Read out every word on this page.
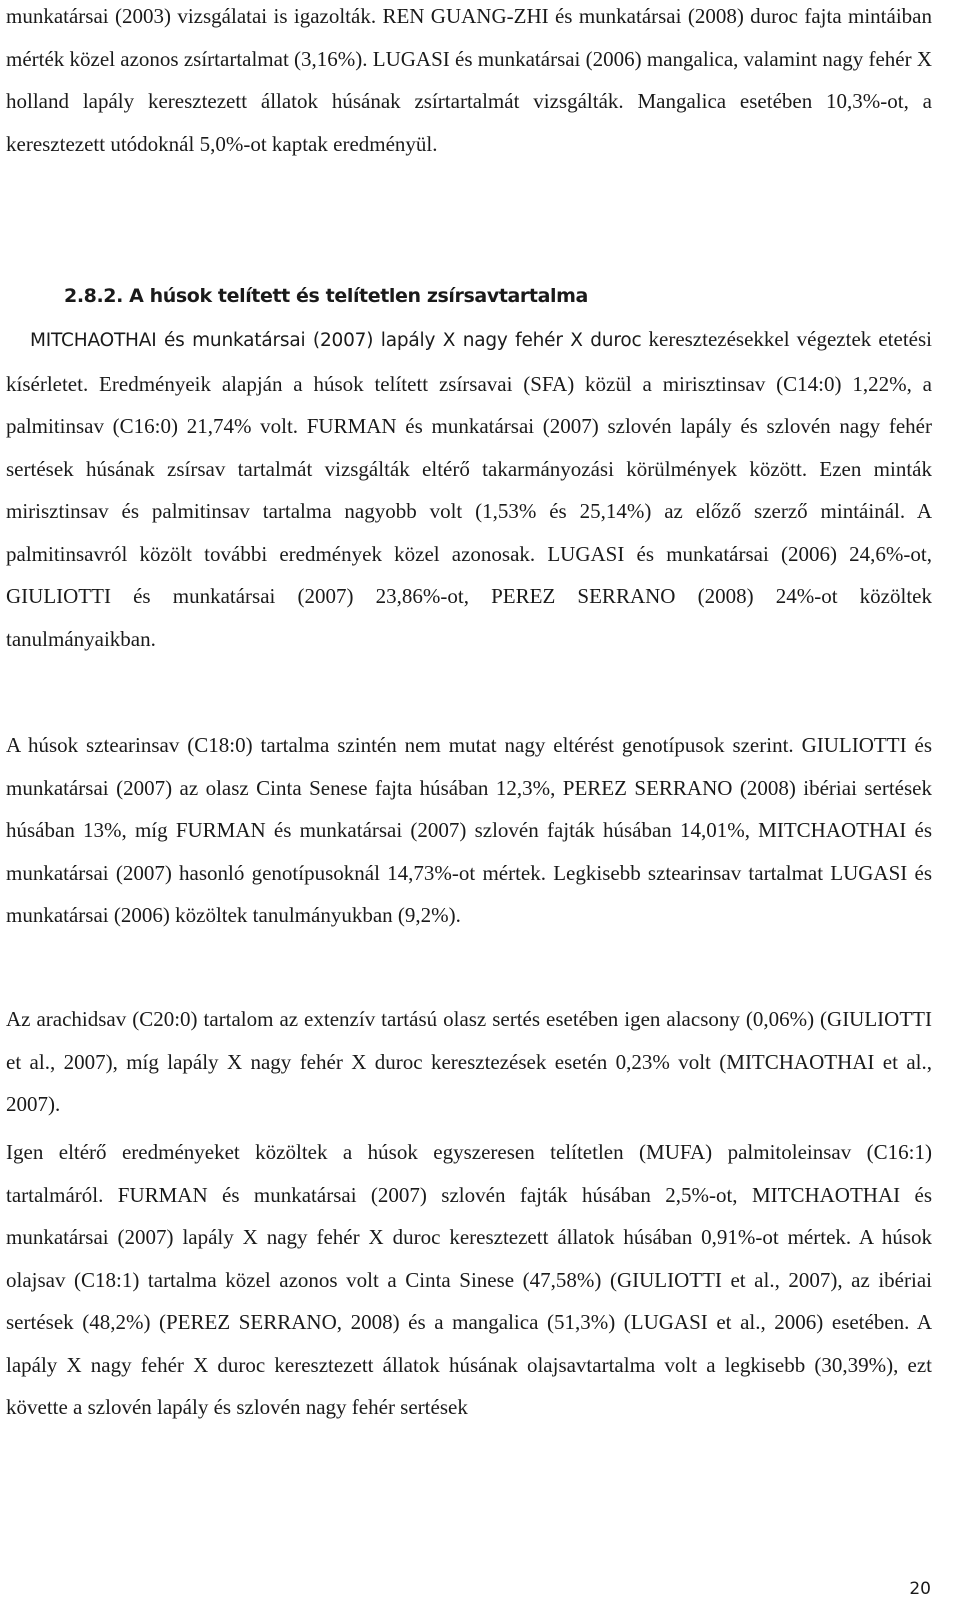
munkatársai (2003) vizsgálatai is igazolták. REN GUANG-ZHI és munkatársai (2008) duroc fajta mintáiban mérték közel azonos zsírtartalmat (3,16%). LUGASI és munkatársai (2006) mangalica, valamint nagy fehér X holland lapály keresztezett állatok húsának zsírtartalmát vizsgálták. Mangalica esetében 10,3%-ot, a keresztezett utódoknál 5,0%-ot kaptak eredményül.

2.8.2. A húsok telített és telítetlen zsírsavtartalma

MITCHAOTHAI és munkatársai (2007) lapály X nagy fehér X duroc keresztezésekkel végeztek etetési kísérletet. Eredményeik alapján a húsok telített zsírsavai (SFA) közül a mirisztinsav (C14:0) 1,22%, a palmitinsav (C16:0) 21,74% volt. FURMAN és munkatársai (2007) szlovén lapály és szlovén nagy fehér sertések húsának zsírsav tartalmát vizsgálták eltérő takarmányozási körülmények között. Ezen minták mirisztinsav és palmitinsav tartalma nagyobb volt (1,53% és 25,14%) az előző szerző mintáinál. A palmitinsavról közölt további eredmények közel azonosak. LUGASI és munkatársai (2006) 24,6%-ot, GIULIOTTI és munkatársai (2007) 23,86%-ot, PEREZ SERRANO (2008) 24%-ot közöltek tanulmányaikban.

A húsok sztearinsav (C18:0) tartalma szintén nem mutat nagy eltérést genotípusok szerint. GIULIOTTI és munkatársai (2007) az olasz Cinta Senese fajta húsában 12,3%, PEREZ SERRANO (2008) ibériai sertések húsában 13%, míg FURMAN és munkatársai (2007) szlovén fajták húsában 14,01%, MITCHAOTHAI és munkatársai (2007) hasonló genotípusoknál 14,73%-ot mértek. Legkisebb sztearinsav tartalmat LUGASI és munkatársai (2006) közöltek tanulmányukban (9,2%).

Az arachidsav (C20:0) tartalom az extenzív tartású olasz sertés esetében igen alacsony (0,06%) (GIULIOTTI et al., 2007), míg lapály X nagy fehér X duroc keresztezések esetén 0,23% volt (MITCHAOTHAI et al., 2007).

Igen eltérő eredményeket közöltek a húsok egyszeresen telítetlen (MUFA) palmitoleinsav (C16:1) tartalmáról. FURMAN és munkatársai (2007) szlovén fajták húsában 2,5%-ot, MITCHAOTHAI és munkatársai (2007) lapály X nagy fehér X duroc keresztezett állatok húsában 0,91%-ot mértek. A húsok olajsav (C18:1) tartalma közel azonos volt a Cinta Sinese (47,58%) (GIULIOTTI et al., 2007), az ibériai sertések (48,2%) (PEREZ SERRANO, 2008) és a mangalica (51,3%) (LUGASI et al., 2006) esetében. A lapály X nagy fehér X duroc keresztezett állatok húsának olajsavtartalma volt a legkisebb (30,39%), ezt követte a szlovén lapály és szlovén nagy fehér sertések

20
